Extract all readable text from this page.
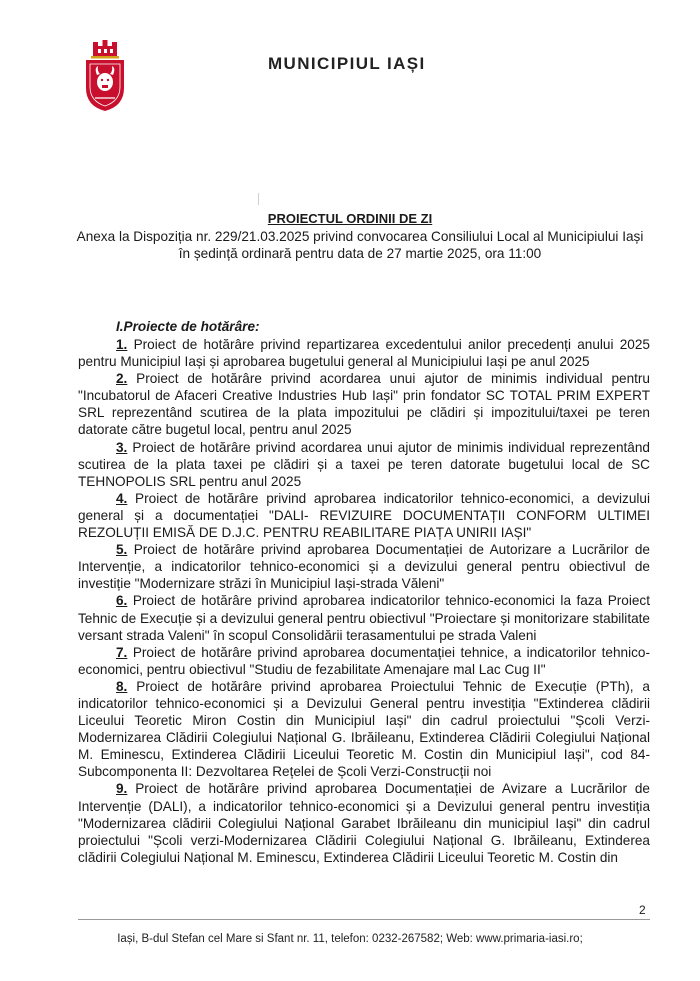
MUNICIPIUL IAȘI
PROIECTUL ORDINII DE ZI
Anexa la Dispoziția nr. 229/21.03.2025 privind convocarea Consiliului Local al Municipiului Iași în ședință ordinară pentru data de 27 martie 2025, ora 11:00
I.Proiecte de hotărâre:

1. Proiect de hotărâre privind repartizarea excedentului anilor precedenți anului 2025 pentru Municipiul Iași și aprobarea bugetului general al Municipiului Iași pe anul 2025

2. Proiect de hotărâre privind acordarea unui ajutor de minimis individual pentru "Incubatorul de Afaceri Creative Industries Hub Iași" prin fondator SC TOTAL PRIM EXPERT SRL reprezentând scutirea de la plata impozitului pe clădiri și impozitului/taxei pe teren datorate către bugetul local, pentru anul 2025

3. Proiect de hotărâre privind acordarea unui ajutor de minimis individual reprezentând scutirea de la plata taxei pe clădiri și a taxei pe teren datorate bugetului local de SC TEHNOPOLIS SRL pentru anul 2025

4. Proiect de hotărâre privind aprobarea indicatorilor tehnico-economici, a devizului general și a documentației "DALI- REVIZUIRE DOCUMENTAȚII CONFORM ULTIMEI REZOLUȚII EMISĂ DE D.J.C. PENTRU REABILITARE PIAȚA UNIRII IAȘI"

5. Proiect de hotărâre privind aprobarea Documentației de Autorizare a Lucrărilor de Intervenție, a indicatorilor tehnico-economici și a devizului general pentru obiectivul de investiție "Modernizare străzi în Municipiul Iași-strada Văleni"

6. Proiect de hotărâre privind aprobarea indicatorilor tehnico-economici la faza Proiect Tehnic de Execuție și a devizului general pentru obiectivul "Proiectare și monitorizare stabilitate versant strada Valeni" în scopul Consolidării terasamentului pe strada Valeni

7. Proiect de hotărâre privind aprobarea documentației tehnice, a indicatorilor tehnico-economici, pentru obiectivul "Studiu de fezabilitate Amenajare mal Lac Cug II"

8. Proiect de hotărâre privind aprobarea Proiectului Tehnic de Execuție (PTh), a indicatorilor tehnico-economici și a Devizului General pentru investiția "Extinderea clădirii Liceului Teoretic Miron Costin din Municipiul Iași" din cadrul proiectului "Școli Verzi-Modernizarea Clădirii Colegiului Național G. Ibrăileanu, Extinderea Clădirii Colegiului Național M. Eminescu, Extinderea Clădirii Liceului Teoretic M. Costin din Municipiul Iași", cod 84-Subcomponenta II: Dezvoltarea Rețelei de Școli Verzi-Construcții noi

9. Proiect de hotărâre privind aprobarea Documentației de Avizare a Lucrărilor de Intervenție (DALI), a indicatorilor tehnico-economici și a Devizului general pentru investiția "Modernizarea clădirii Colegiului Național Garabet Ibrăileanu din municipiul Iași" din cadrul proiectului "Școli verzi-Modernizarea Clădirii Colegiului Național G. Ibrăileanu, Extinderea clădirii Colegiului Național M. Eminescu, Extinderea Clădirii Liceului Teoretic M. Costin din

2
Iași, B-dul Stefan cel Mare si Sfant nr. 11, telefon: 0232-267582; Web: www.primaria-iasi.ro;
